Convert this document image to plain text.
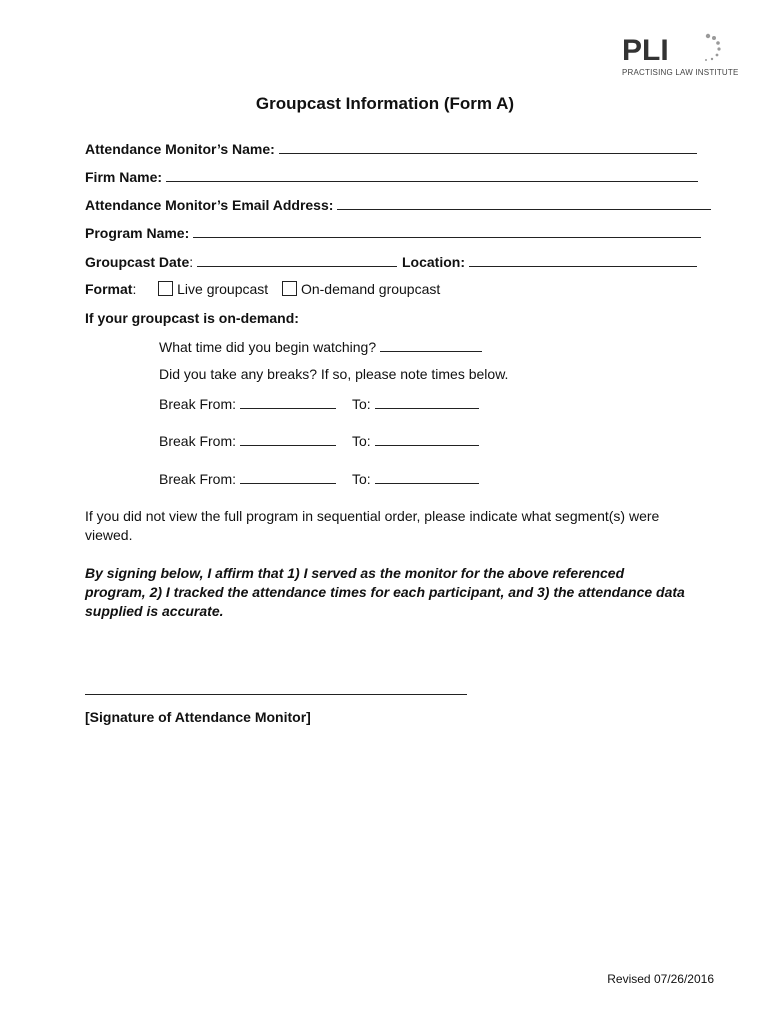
PLI
PRACTISING LAW INSTITUTE
Groupcast Information (Form A)
Attendance Monitor’s Name:
Firm Name:
Attendance Monitor’s Email Address:
Program Name:
Groupcast Date:	Location:
Format:	Live groupcast On-demand groupcast
If your groupcast is on-demand:
What time did you begin watching?
Did you take any breaks? If so, please note times below.
Break From:	To:
Break From:	To:
Break From:	To:
If you did not view the full program in sequential order, please indicate what segment(s) were viewed.
By signing below, I affirm that 1) I served as the monitor for the above referenced program, 2) I tracked the attendance times for each participant, and 3) the attendance data supplied is accurate.
[Signature of Attendance Monitor]
Revised 07/26/2016
